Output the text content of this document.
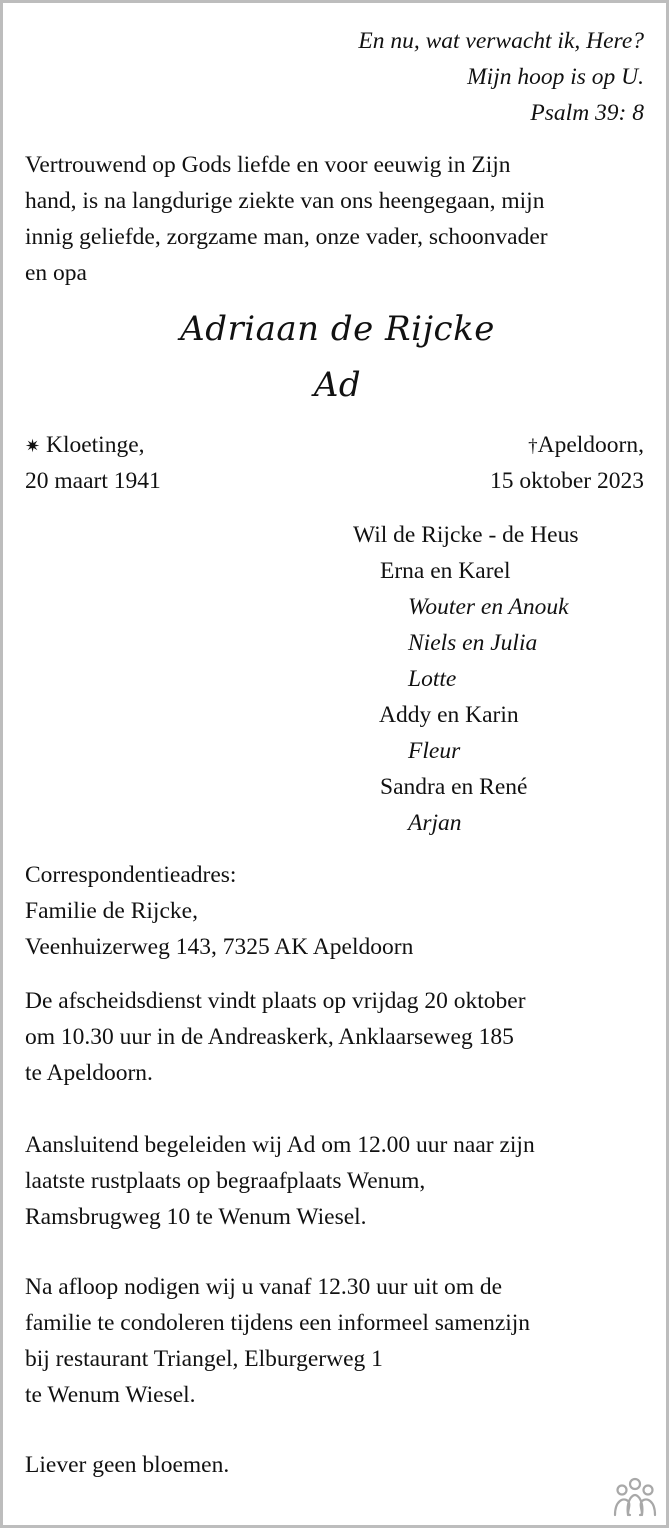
En nu, wat verwacht ik, Here?
Mijn hoop is op U.
Psalm 39: 8
Vertrouwend op Gods liefde en voor eeuwig in Zijn
hand, is na langdurige ziekte van ons heengegaan, mijn
innig geliefde, zorgzame man, onze vader, schoonvader
en opa
Adriaan de Rijcke
Ad
✷ Kloetinge,
20 maart 1941
†Apeldoorn,
15 oktober 2023
Wil de Rijcke - de Heus
Erna en Karel
Wouter en Anouk
Niels en Julia
Lotte
Addy en Karin
Fleur
Sandra en René
Arjan
Correspondentieadres:
Familie de Rijcke,
Veenhuizerweg 143, 7325 AK Apeldoorn
De afscheidsdienst vindt plaats op vrijdag 20 oktober
om 10.30 uur in de Andreaskerk, Anklaarseweg 185
te Apeldoorn.
Aansluitend begeleiden wij Ad om 12.00 uur naar zijn
laatste rustplaats op begraafplaats Wenum,
Ramsbrugweg 10 te Wenum Wiesel.
Na afloop nodigen wij u vanaf 12.30 uur uit om de
familie te condoleren tijdens een informeel samenzijn
bij restaurant Triangel, Elburgerweg 1
te Wenum Wiesel.
Liever geen bloemen.
